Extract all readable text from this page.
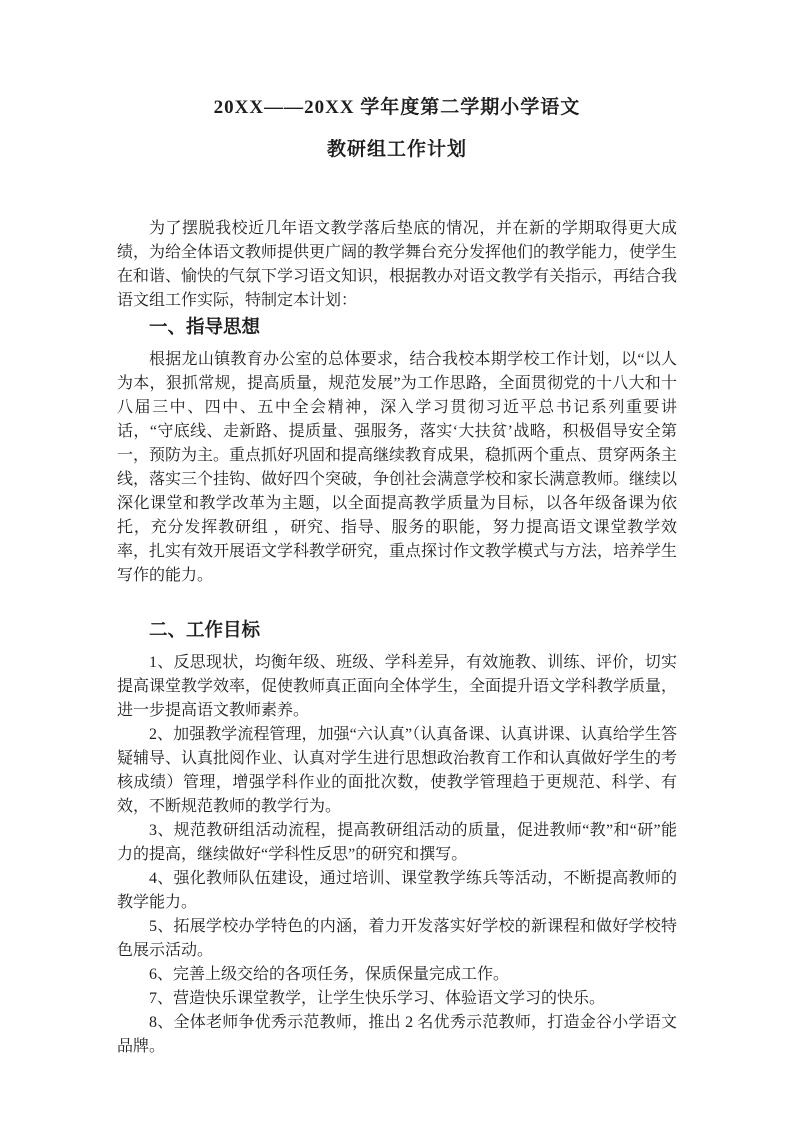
20XX——20XX 学年度第二学期小学语文
教研组工作计划

为了摆脱我校近几年语文教学落后垫底的情况，并在新的学期取得更大成绩，为给全体语文教师提供更广阔的教学舞台充分发挥他们的教学能力，使学生在和谐、愉快的气氛下学习语文知识，根据教办对语文教学有关指示，再结合我语文组工作实际，特制定本计划：

一、指导思想

根据龙山镇教育办公室的总体要求，结合我校本期学校工作计划，以“以人为本，狠抓常规，提高质量，规范发展”为工作思路，全面贯彻党的十八大和十八届三中、四中、五中全会精神，深入学习贯彻习近平总书记系列重要讲话，“守底线、走新路、提质量、强服务，落实‘大扶贫’战略，积极倡导安全第一，预防为主。重点抓好巩固和提高继续教育成果，稳抓两个重点、贯穿两条主线，落实三个挂钩、做好四个突破，争创社会满意学校和家长满意教师。继续以深化课堂和教学改革为主题，以全面提高教学质量为目标，以各年级备课为依托，充分发挥教研组 ，研究、指导、服务的职能，努力提高语文课堂教学效率，扎实有效开展语文学科教学研究，重点探讨作文教学模式与方法，培养学生写作的能力。

二、工作目标

1、反思现状，均衡年级、班级、学科差异，有效施教、训练、评价，切实提高课堂教学效率，促使教师真正面向全体学生，全面提升语文学科教学质量，进一步提高语文教师素养。

2、加强教学流程管理，加强“六认真”（认真备课、认真讲课、认真给学生答疑辅导、认真批阅作业、认真对学生进行思想政治教育工作和认真做好学生的考核成绩）管理，增强学科作业的面批次数，使教学管理趋于更规范、科学、有效，不断规范教师的教学行为。

3、规范教研组活动流程，提高教研组活动的质量，促进教师“教”和“研”能力的提高，继续做好“学科性反思”的研究和撰写。

4、强化教师队伍建设，通过培训、课堂教学练兵等活动，不断提高教师的教学能力。

5、拓展学校办学特色的内涵，着力开发落实好学校的新课程和做好学校特色展示活动。

6、完善上级交给的各项任务，保质保量完成工作。

7、营造快乐课堂教学，让学生快乐学习、体验语文学习的快乐。

8、全体老师争优秀示范教师，推出 2 名优秀示范教师，打造金谷小学语文品牌。
